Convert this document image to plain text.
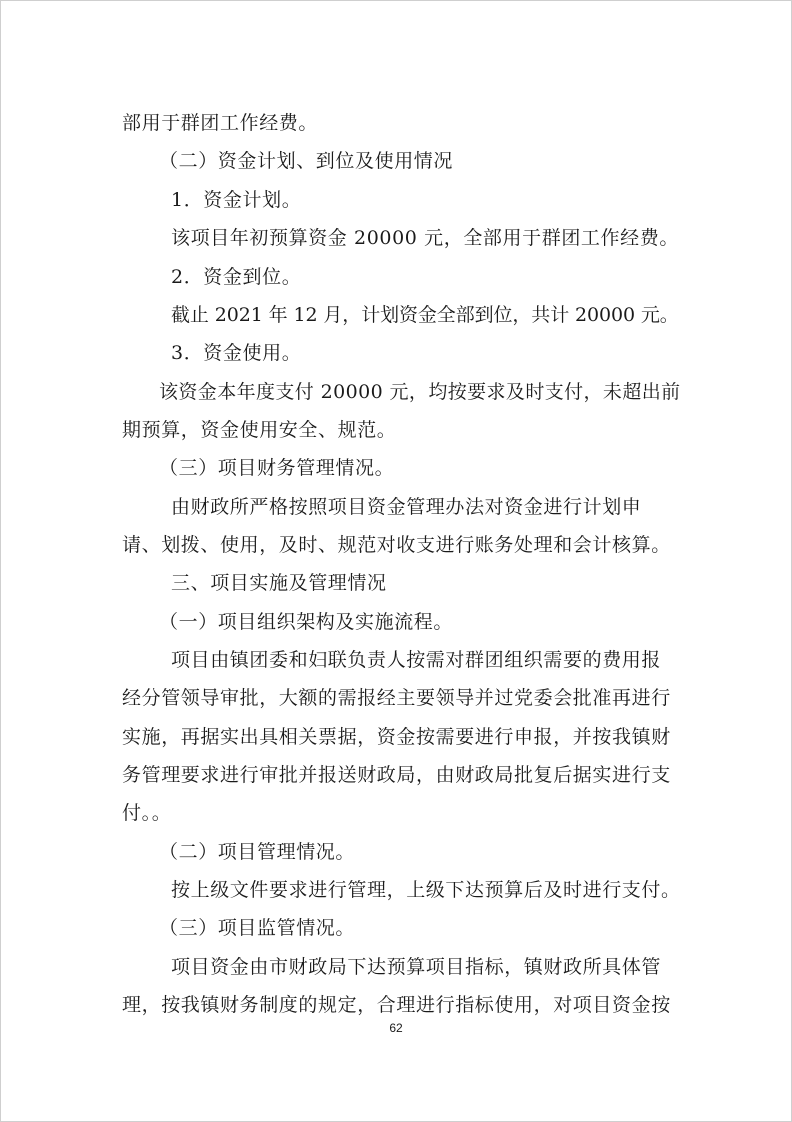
部用于群团工作经费。
（二）资金计划、到位及使用情况
1．资金计划。
该项目年初预算资金 20000 元，全部用于群团工作经费。
2．资金到位。
截止 2021 年 12 月，计划资金全部到位，共计 20000 元。
3．资金使用。
该资金本年度支付 20000 元，均按要求及时支付，未超出前
期预算，资金使用安全、规范。
（三）项目财务管理情况。
由财政所严格按照项目资金管理办法对资金进行计划申
请、划拨、使用，及时、规范对收支进行账务处理和会计核算。
三、项目实施及管理情况
（一）项目组织架构及实施流程。
项目由镇团委和妇联负责人按需对群团组织需要的费用报
经分管领导审批，大额的需报经主要领导并过党委会批准再进行
实施，再据实出具相关票据，资金按需要进行申报，并按我镇财
务管理要求进行审批并报送财政局，由财政局批复后据实进行支
付。。
（二）项目管理情况。
按上级文件要求进行管理，上级下达预算后及时进行支付。
（三）项目监管情况。
项目资金由市财政局下达预算项目指标，镇财政所具体管
理，按我镇财务制度的规定，合理进行指标使用，对项目资金按
62
